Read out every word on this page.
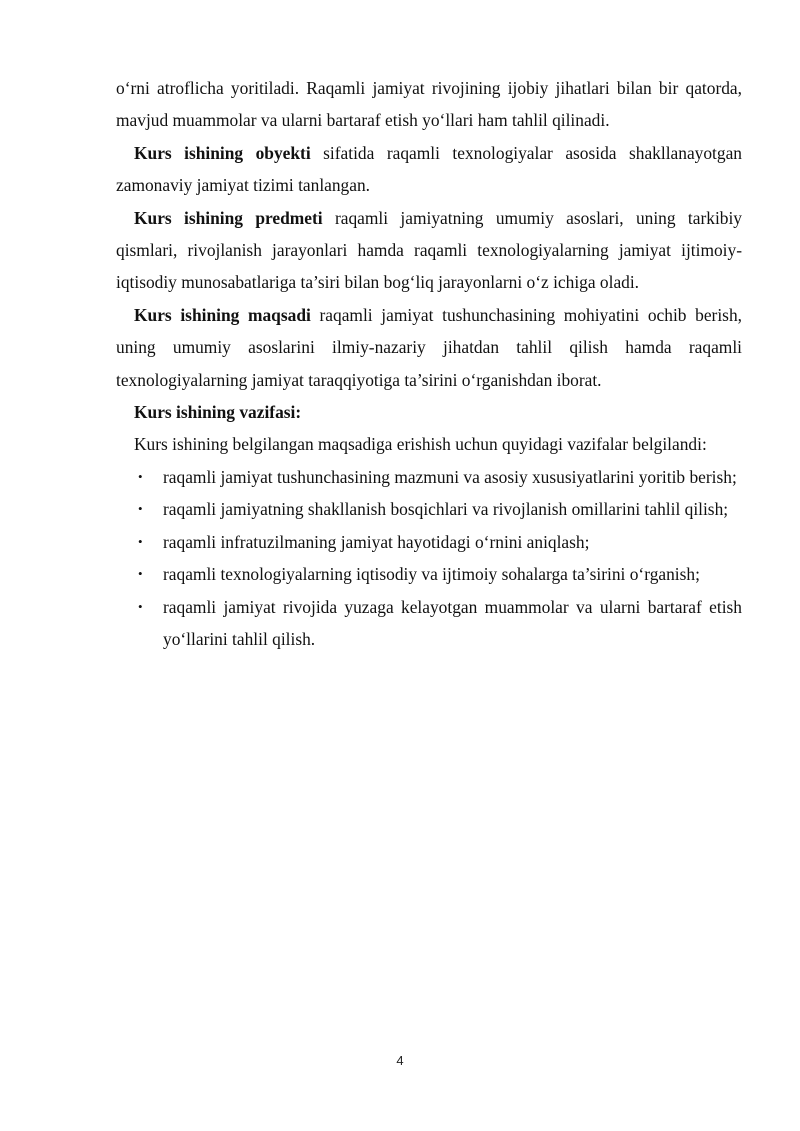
o‘rni atroflicha yoritiladi. Raqamli jamiyat rivojining ijobiy jihatlari bilan bir qatorda, mavjud muammolar va ularni bartaraf etish yo‘llari ham tahlil qilinadi.

Kurs ishining obyekti sifatida raqamli texnologiyalar asosida shakllanayotgan zamonaviy jamiyat tizimi tanlangan.

Kurs ishining predmeti raqamli jamiyatning umumiy asoslari, uning tarkibiy qismlari, rivojlanish jarayonlari hamda raqamli texnologiyalarning jamiyat ijtimoiy-iqtisodiy munosabatlariga ta’siri bilan bog‘liq jarayonlarni o‘z ichiga oladi.

Kurs ishining maqsadi raqamli jamiyat tushunchasining mohiyatini ochib berish, uning umumiy asoslarini ilmiy-nazariy jihatdan tahlil qilish hamda raqamli texnologiyalarning jamiyat taraqqiyotiga ta’sirini o‘rganishdan iborat.

Kurs ishining vazifasi:

Kurs ishining belgilangan maqsadiga erishish uchun quyidagi vazifalar belgilandi:

• raqamli jamiyat tushunchasining mazmuni va asosiy xususiyatlarini yoritib berish;
• raqamli jamiyatning shakllanish bosqichlari va rivojlanish omillarini tahlil qilish;
• raqamli infratuzilmaning jamiyat hayotidagi o‘rnini aniqlash;
• raqamli texnologiyalarning iqtisodiy va ijtimoiy sohalarga ta’sirini o‘rganish;
• raqamli jamiyat rivojida yuzaga kelayotgan muammolar va ularni bartaraf etish yo‘llarini tahlil qilish.
4
